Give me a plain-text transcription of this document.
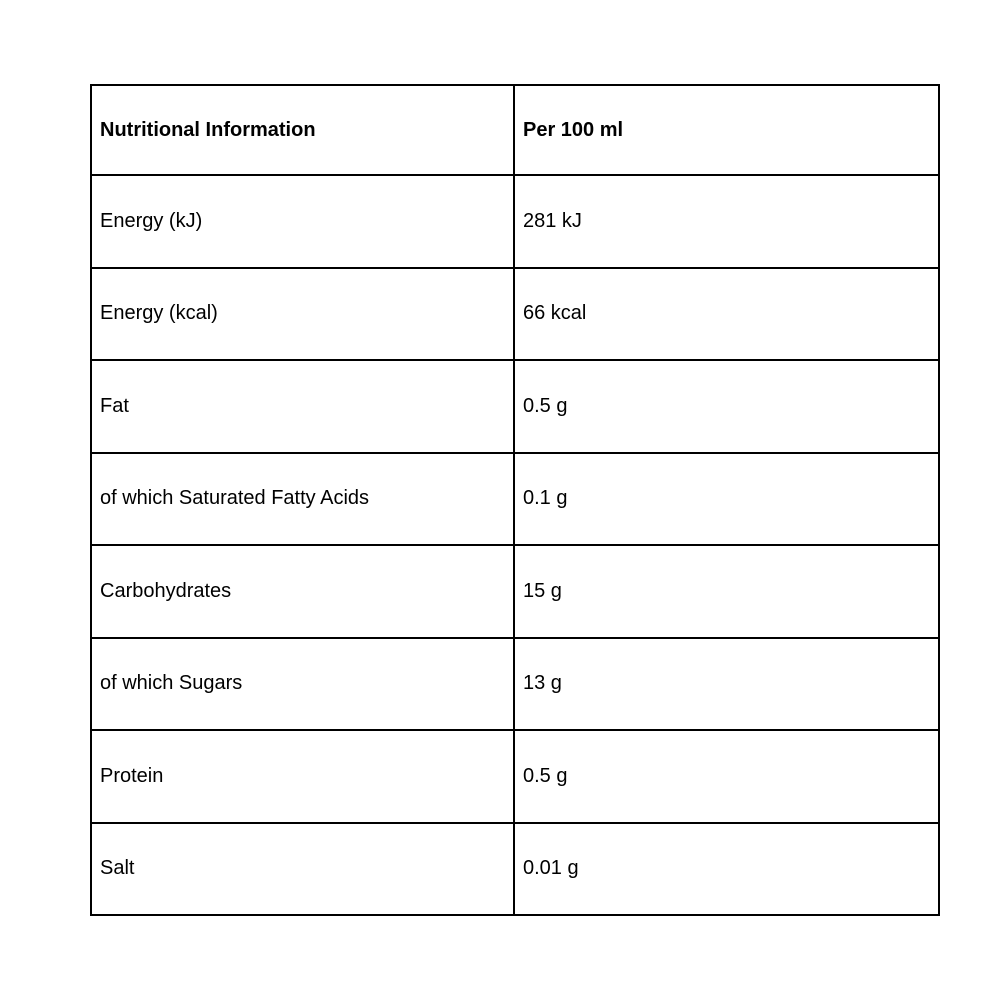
Nutritional Information	Per 100 ml
Energy (kJ)	281 kJ
Energy (kcal)	66 kcal
Fat	0.5 g
of which Saturated Fatty Acids	0.1 g
Carbohydrates	15 g
of which Sugars	13 g
Protein	0.5 g
Salt	0.01 g
